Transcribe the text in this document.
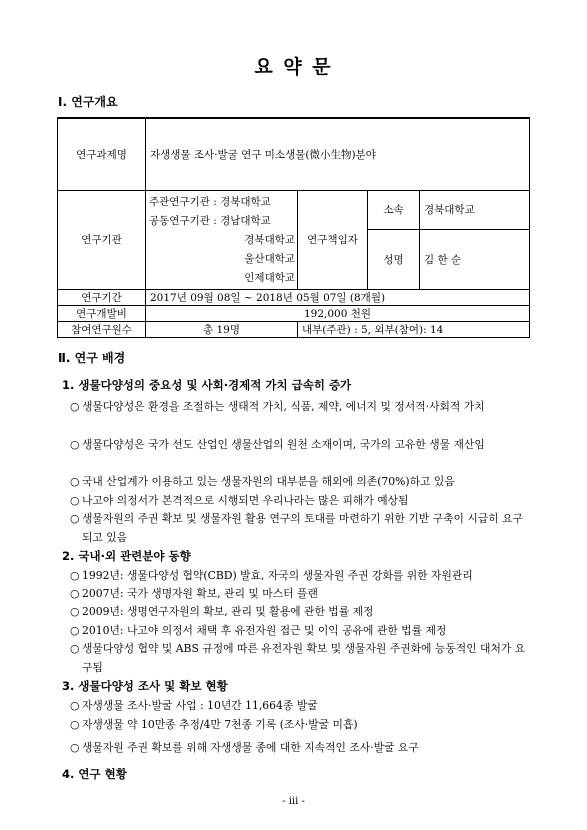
요 약 문
Ⅰ. 연구개요
연구과제명	자생생물 조사·발굴 연구 미소생물(微小生物)분야			
연구기관	주관연구기관 : 경북대학교
공동연구기관 : 경남대학교
경북대학교
울산대학교
인제대학교	연구책임자	소속	경북대학교
			성명	김 한 순
연구기간	2017년 09월 08일 ~ 2018년 05월 07일 (8개월)			
연구개발비	192,000 천원			
참여연구원수	총 19명	내부(주관) : 5, 외부(참여): 14		
Ⅱ. 연구 배경
1. 생물다양성의 중요성 및 사회·경제적 가치 급속히 증가
○ 생물다양성은 환경을 조절하는 생태적 가치, 식품, 제약, 에너지 및 정서적·사회적 가치
○ 생물다양성은 국가 선도 산업인 생물산업의 원천 소재이며, 국가의 고유한 생물 재산임
○ 국내 산업계가 이용하고 있는 생물자원의 대부분을 해외에 의존(70%)하고 있음
○ 나고야 의정서가 본격적으로 시행되면 우리나라는 많은 피해가 예상됨
○ 생물자원의 주권 확보 및 생물자원 활용 연구의 토대를 마련하기 위한 기반 구축이 시급히 요구되고 있음
2. 국내·외 관련분야 동향
○ 1992년: 생물다양성 협약(CBD) 발효, 자국의 생물자원 주권 강화를 위한 자원관리
○ 2007년: 국가 생명자원 확보, 관리 및 마스터 플랜
○ 2009년: 생명연구자원의 확보, 관리 및 활용에 관한 법률 제정
○ 2010년: 나고야 의정서 채택 후 유전자원 접근 및 이익 공유에 관한 법률 제정
○ 생물다양성 협약 및 ABS 규정에 따른 유전자원 확보 및 생물자원 주권화에 능동적인 대처가 요구됨
3. 생물다양성 조사 및 확보 현황
○ 자생생물 조사·발굴 사업 : 10년간 11,664종 발굴
○ 자생생물 약 10만종 추정/4만 7천종 기록 (조사·발굴 미흡)
○ 생물자원 주권 확보를 위해 자생생물 종에 대한 지속적인 조사·발굴 요구
4. 연구 현황
- iii -
